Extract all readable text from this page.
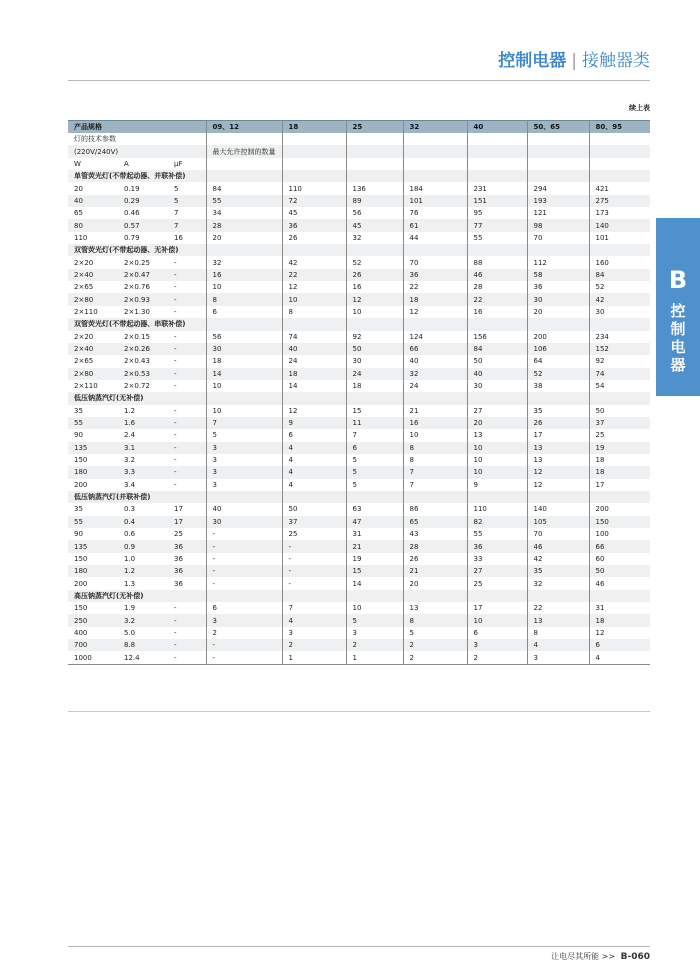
控制电器 | 接触器类
续上表
B
控
制
电
器
产品规格			09、12	18	25	32	40	50、65	80、95
灯的技术参数									
(220V/240V)			最大允许控制的数量						
W	A	μF							
单管荧光灯(不带起动器、并联补偿)									
20	0.19	5	84	110	136	184	231	294	421
40	0.29	5	55	72	89	101	151	193	275
65	0.46	7	34	45	56	76	95	121	173
80	0.57	7	28	36	45	61	77	98	140
110	0.79	16	20	26	32	44	55	70	101
双管荧光灯(不带起动器、无补偿)									
2×20	2×0.25	-	32	42	52	70	88	112	160
2×40	2×0.47	-	16	22	26	36	46	58	84
2×65	2×0.76	-	10	12	16	22	28	36	52
2×80	2×0.93	-	8	10	12	18	22	30	42
2×110	2×1.30	-	6	8	10	12	16	20	30
双管荧光灯(不带起动器、串联补偿)									
2×20	2×0.15	-	56	74	92	124	156	200	234
2×40	2×0.26	-	30	40	50	66	84	106	152
2×65	2×0.43	-	18	24	30	40	50	64	92
2×80	2×0.53	-	14	18	24	32	40	52	74
2×110	2×0.72	-	10	14	18	24	30	38	54
低压钠蒸汽灯(无补偿)									
35	1.2	-	10	12	15	21	27	35	50
55	1.6	-	7	9	11	16	20	26	37
90	2.4	-	5	6	7	10	13	17	25
135	3.1	-	3	4	6	8	10	13	19
150	3.2	-	3	4	5	8	10	13	18
180	3.3	-	3	4	5	7	10	12	18
200	3.4	-	3	4	5	7	9	12	17
低压钠蒸汽灯(并联补偿)									
35	0.3	17	40	50	63	86	110	140	200
55	0.4	17	30	37	47	65	82	105	150
90	0.6	25	-	25	31	43	55	70	100
135	0.9	36	-	-	21	28	36	46	66
150	1.0	36	-	-	19	26	33	42	60
180	1.2	36	-	-	15	21	27	35	50
200	1.3	36	-	-	14	20	25	32	46
高压钠蒸汽灯(无补偿)									
150	1.9	-	6	7	10	13	17	22	31
250	3.2	-	3	4	5	8	10	13	18
400	5.0	-	2	3	3	5	6	8	12
700	8.8	-	-	2	2	2	3	4	6
1000	12.4	-	-	1	1	2	2	3	4
让电尽其所能 >> B-060
